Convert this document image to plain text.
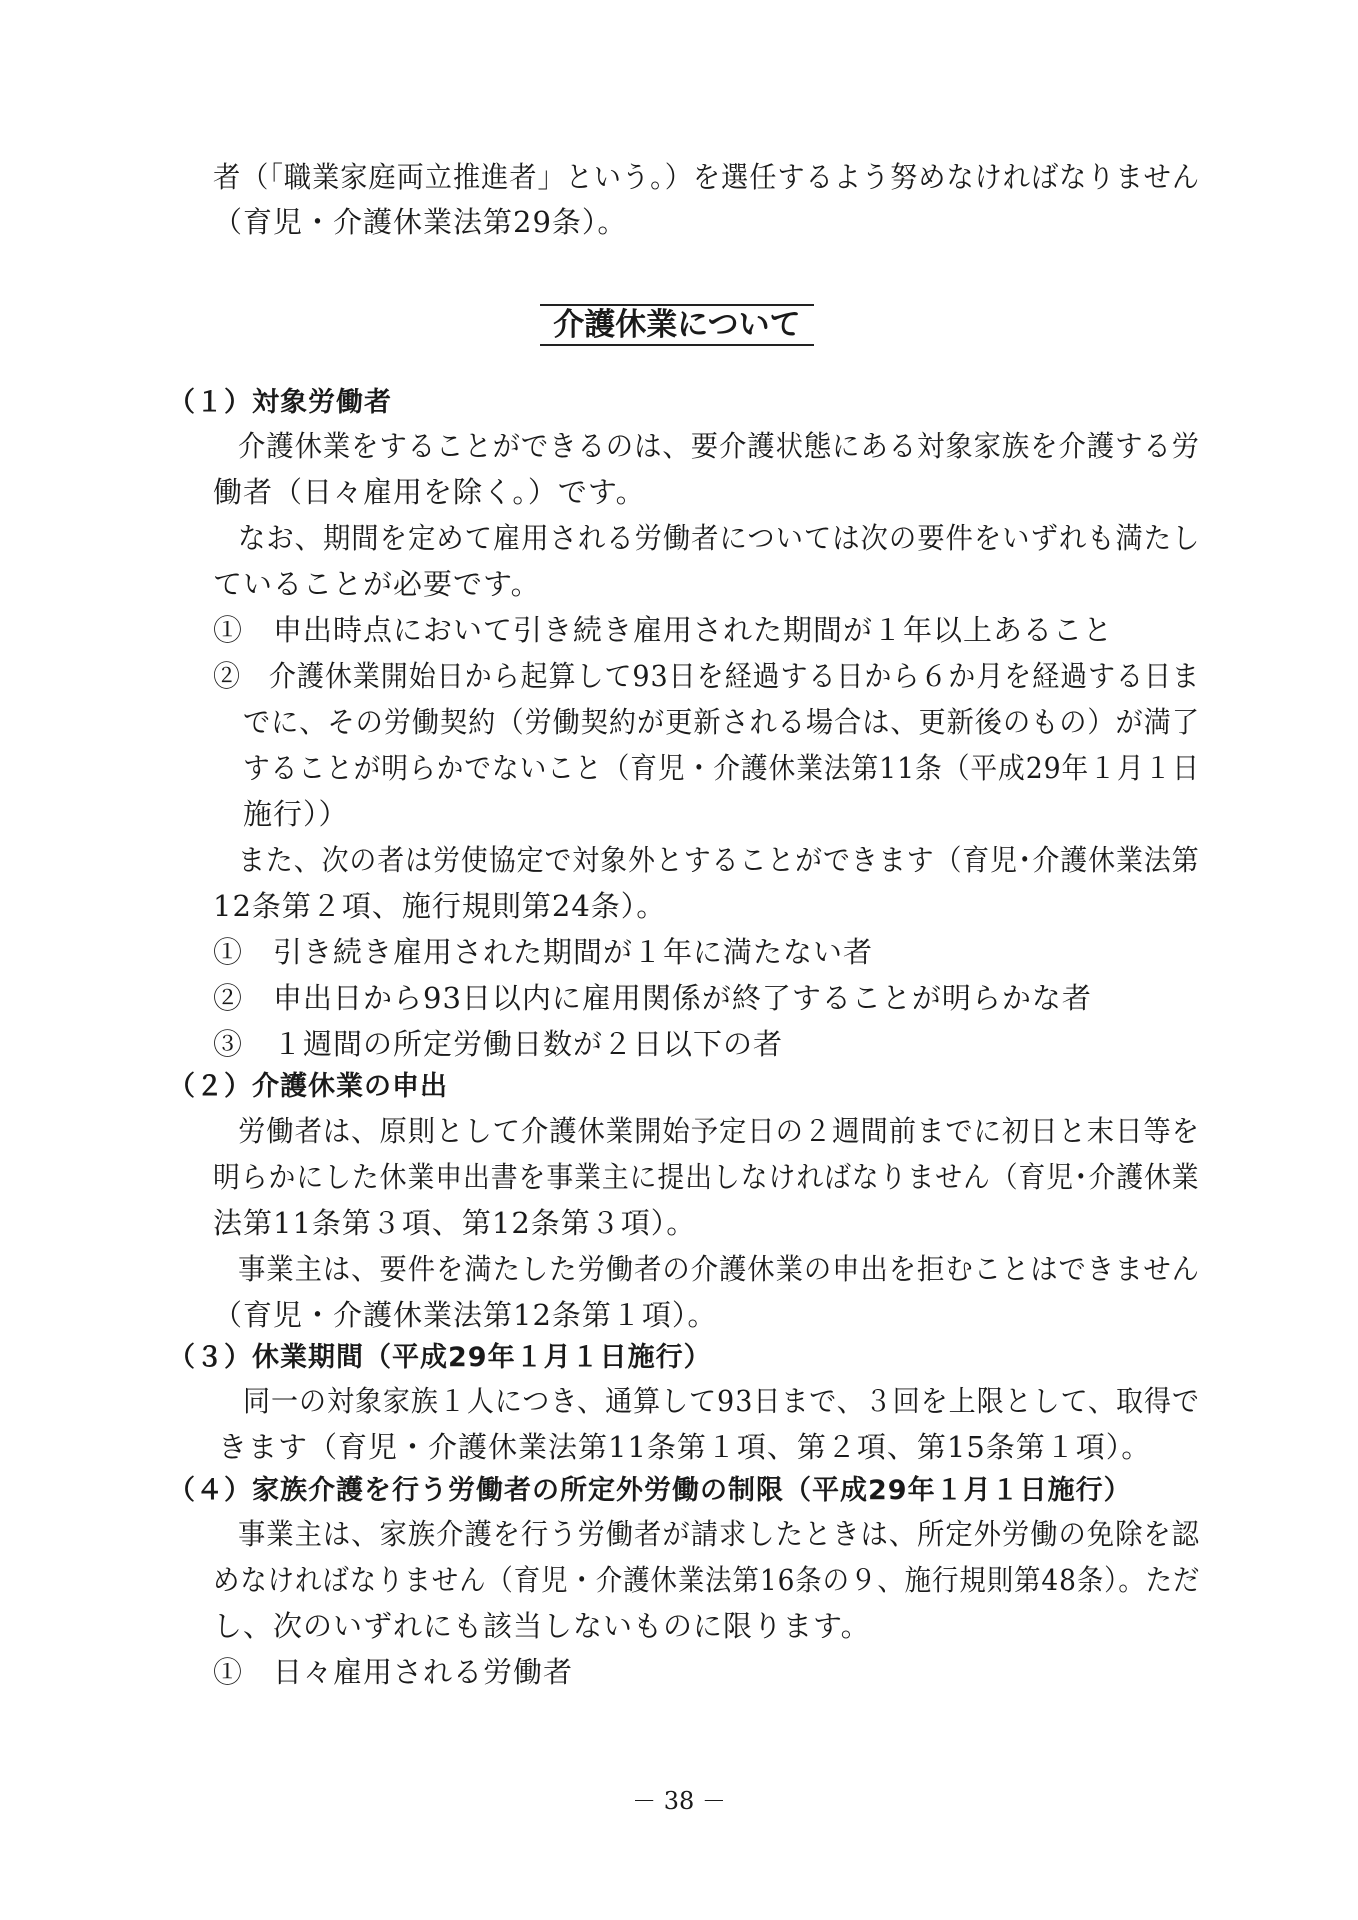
者（「職業家庭両立推進者」という。）を選任するよう努めなければなりません
（育児・介護休業法第29条）。
介護休業について
（１）対象労働者
介護休業をすることができるのは、要介護状態にある対象家族を介護する労
働者（日々雇用を除く。）です。
なお、期間を定めて雇用される労働者については次の要件をいずれも満たし
ていることが必要です。
①　申出時点において引き続き雇用された期間が１年以上あること
②　介護休業開始日から起算して93日を経過する日から６か月を経過する日ま
でに、その労働契約（労働契約が更新される場合は、更新後のもの）が満了
することが明らかでないこと（育児・介護休業法第11条（平成29年１月１日
施行））
また、次の者は労使協定で対象外とすることができます（育児･介護休業法第
12条第２項、施行規則第24条）。
①　引き続き雇用された期間が１年に満たない者
②　申出日から93日以内に雇用関係が終了することが明らかな者
③　１週間の所定労働日数が２日以下の者
（２）介護休業の申出
労働者は、原則として介護休業開始予定日の２週間前までに初日と末日等を
明らかにした休業申出書を事業主に提出しなければなりません（育児･介護休業
法第11条第３項、第12条第３項）。
事業主は、要件を満たした労働者の介護休業の申出を拒むことはできません
（育児・介護休業法第12条第１項）。
（３）休業期間（平成29年１月１日施行）
同一の対象家族１人につき、通算して93日まで、３回を上限として、取得で
きます（育児・介護休業法第11条第１項、第２項、第15条第１項）。
（４）家族介護を行う労働者の所定外労働の制限（平成29年１月１日施行）
事業主は、家族介護を行う労働者が請求したときは、所定外労働の免除を認
めなければなりません（育児・介護休業法第16条の９、施行規則第48条）。ただ
し、次のいずれにも該当しないものに限ります。
①　日々雇用される労働者
－ 38 －
